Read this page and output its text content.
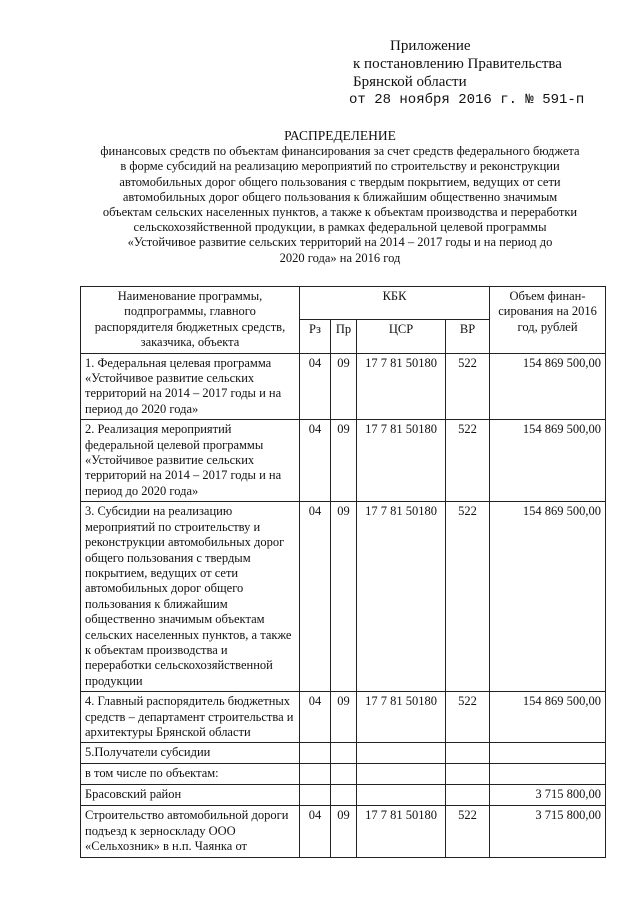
Приложение
к постановлению Правительства
Брянской области
от 28 ноября 2016 г. № 591-п
РАСПРЕДЕЛЕНИЕ
финансовых средств по объектам финансирования за счет средств федерального бюджета
в форме субсидий на реализацию мероприятий по строительству и реконструкции
автомобильных дорог общего пользования с твердым покрытием, ведущих от сети
автомобильных дорог общего пользования к ближайшим общественно значимым
объектам сельских населенных пунктов, а также к объектам производства и переработки
сельскохозяйственной продукции, в рамках федеральной целевой программы
«Устойчивое развитие сельских территорий на 2014 – 2017 годы и на период до
2020 года» на 2016 год
Наименование программы, подпрограммы, главного распорядителя бюджетных средств, заказчика, объекта	КБК				Объем финан-сирования на 2016 год, рублей
	Рз	Пр	ЦСР	ВР	
1. Федеральная целевая программа «Устойчивое развитие сельских территорий на 2014 – 2017 годы и на период до 2020 года»	04	09	17 7 81 50180	522	154 869 500,00
2. Реализация мероприятий федеральной целевой программы «Устойчивое развитие сельских территорий на 2014 – 2017 годы и на период до 2020 года»	04	09	17 7 81 50180	522	154 869 500,00
3. Субсидии на реализацию мероприятий по строительству и реконструкции автомобильных дорог общего пользования с твердым покрытием, ведущих от сети автомобильных дорог общего пользования к ближайшим общественно значимым объектам сельских населенных пунктов, а также к объектам производства и переработки сельскохозяйственной продукции	04	09	17 7 81 50180	522	154 869 500,00
4. Главный распорядитель бюджетных средств – департамент строительства и архитектуры Брянской области	04	09	17 7 81 50180	522	154 869 500,00
5.Получатели субсидии					
в том числе по объектам:					
Брасовский район					3 715 800,00
Строительство автомобильной дороги подъезд к зерноскладу ООО «Сельхозник» в н.п. Чаянка от	04	09	17 7 81 50180	522	3 715 800,00
